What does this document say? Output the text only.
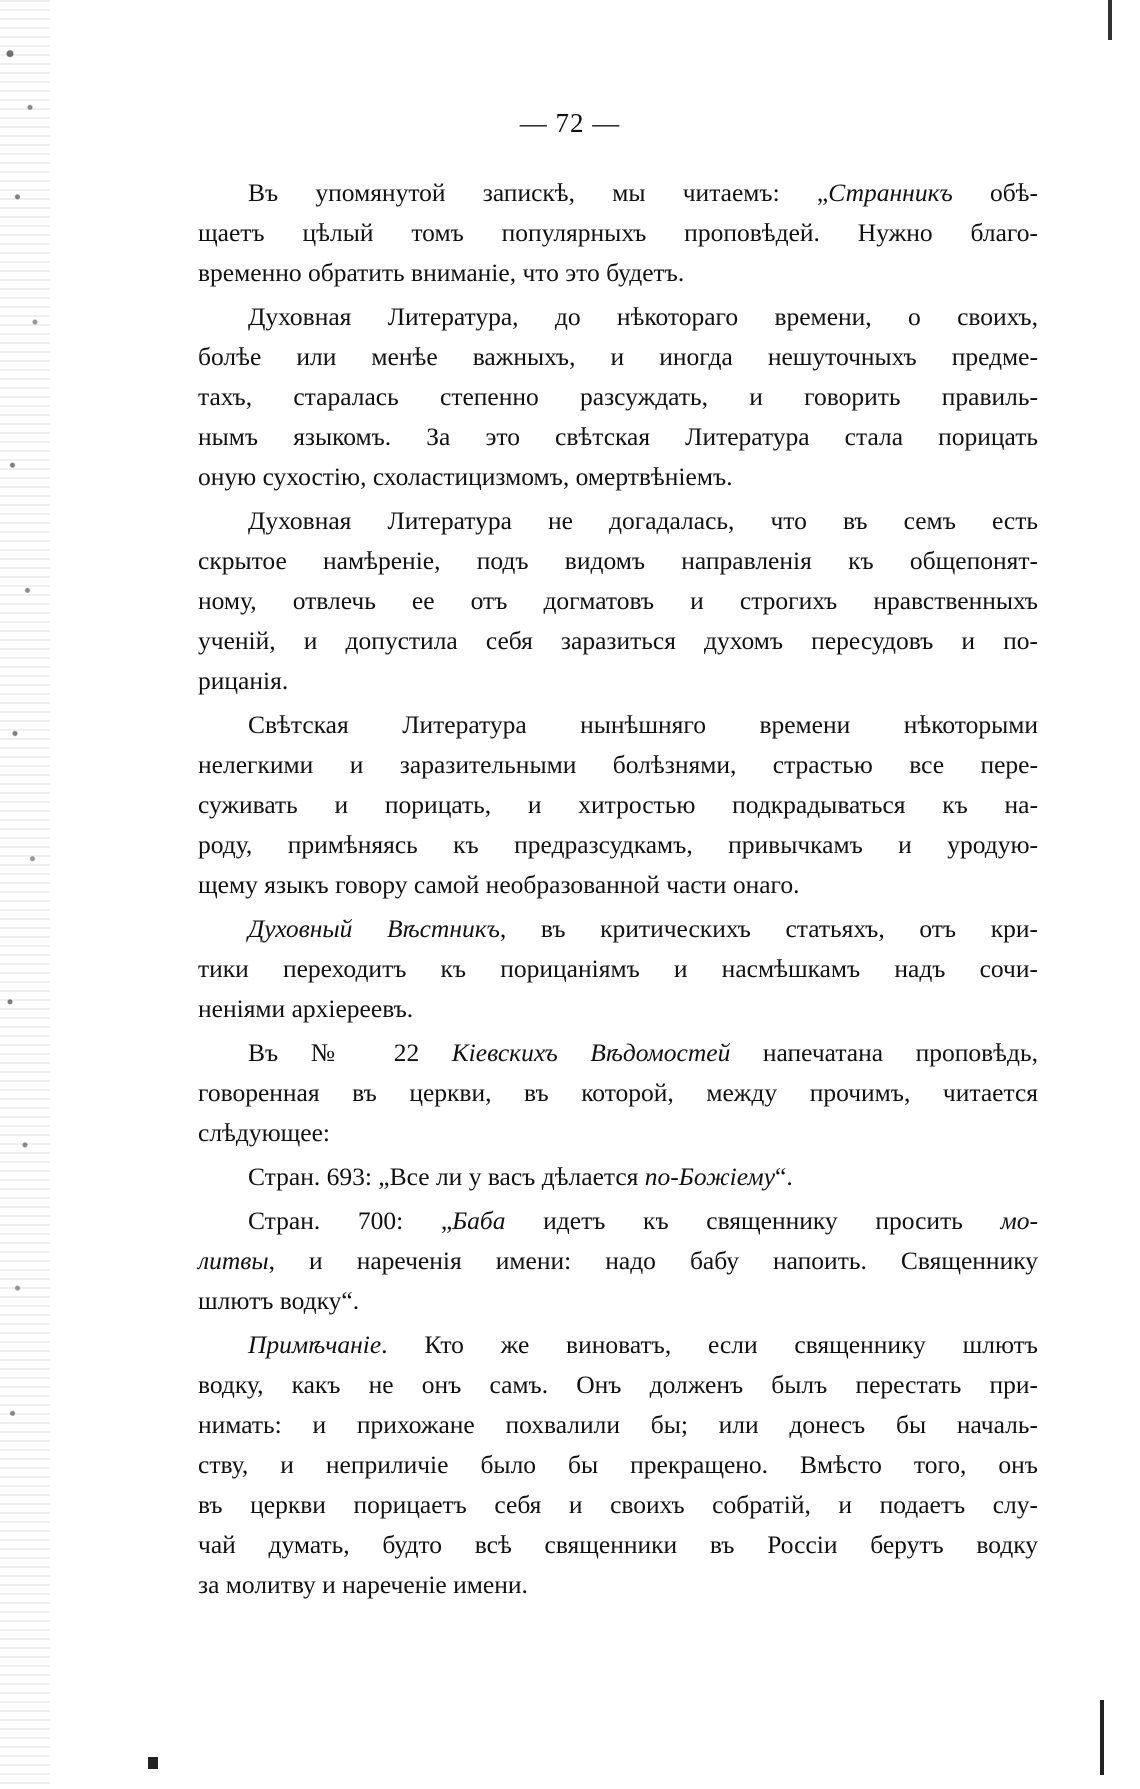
— 72 —
Въ упомянутой запискѣ, мы читаемъ: „Странникъ обѣ-
щаетъ цѣлый томъ популярныхъ проповѣдей. Нужно благо-
временно обратить вниманіе, что это будетъ.
Духовная Литература, до нѣкотораго времени, о своихъ,
болѣе или менѣе важныхъ, и иногда нешуточныхъ предме-
тахъ, старалась степенно разсуждать, и говорить правиль-
нымъ языкомъ. За это свѣтская Литература стала порицать
оную сухостію, схоластицизмомъ, омертвѣніемъ.
Духовная Литература не догадалась, что въ семъ есть
скрытое намѣреніе, подъ видомъ направленія къ общепонят-
ному, отвлечь ее отъ догматовъ и строгихъ нравственныхъ
ученій, и допустила себя заразиться духомъ пересудовъ и по-
рицанія.
Свѣтская Литература нынѣшняго времени нѣкоторыми
нелегкими и заразительными болѣзнями, страстью все пере-
суживать и порицать, и хитростью подкрадываться къ на-
роду, примѣняясь къ предразсудкамъ, привычкамъ и уродую-
щему языкъ говору самой необразованной части онаго.
Духовный Вѣстникъ, въ критическихъ статьяхъ, отъ кри-
тики переходитъ къ порицаніямъ и насмѣшкамъ надъ сочи-
неніями архіереевъ.
Въ № 22 Кіевскихъ Вѣдомостей напечатана проповѣдь,
говоренная въ церкви, въ которой, между прочимъ, читается
слѣдующее:
Стран. 693: „Все ли у васъ дѣлается по-Божіему“.
Стран. 700: „Баба идетъ къ священнику просить мо-
литвы, и нареченія имени: надо бабу напоить. Священнику
шлютъ водку“.
Примѣчаніе. Кто же виноватъ, если священнику шлютъ
водку, какъ не онъ самъ. Онъ долженъ былъ перестать при-
нимать: и прихожане похвалили бы; или донесъ бы началь-
ству, и неприличіе было бы прекращено. Вмѣсто того, онъ
въ церкви порицаетъ себя и своихъ собратій, и подаетъ слу-
чай думать, будто всѣ священники въ Россіи берутъ водку
за молитву и нареченіе имени.
